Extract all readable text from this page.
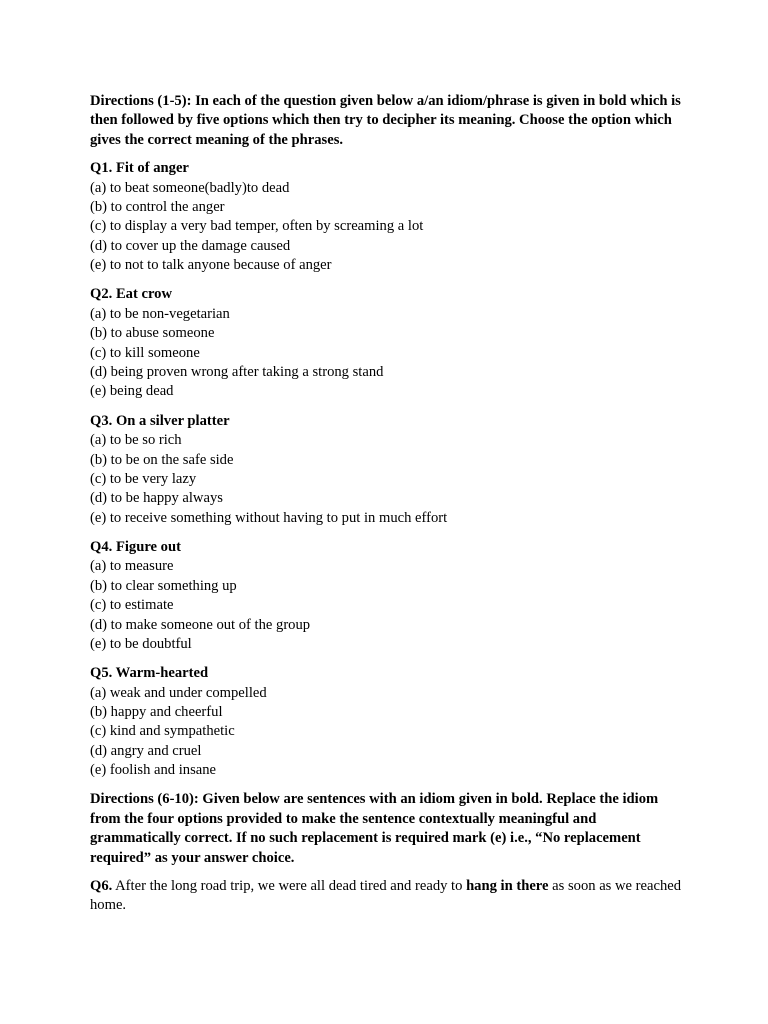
Directions (1-5): In each of the question given below a/an idiom/phrase is given in bold which is then followed by five options which then try to decipher its meaning. Choose the option which gives the correct meaning of the phrases.

Q1. Fit of anger
(a) to beat someone(badly)to dead
(b) to control the anger
(c) to display a very bad temper, often by screaming a lot
(d) to cover up the damage caused
(e) to not to talk anyone because of anger
Q2. Eat crow
(a) to be non-vegetarian
(b) to abuse someone
(c) to kill someone
(d) being proven wrong after taking a strong stand
(e) being dead
Q3. On a silver platter
(a) to be so rich
(b) to be on the safe side
(c) to be very lazy
(d) to be happy always
(e) to receive something without having to put in much effort
Q4. Figure out
(a) to measure
(b) to clear something up
(c) to estimate
(d) to make someone out of the group
(e) to be doubtful
Q5. Warm-hearted
(a) weak and under compelled
(b) happy and cheerful
(c) kind and sympathetic
(d) angry and cruel
(e) foolish and insane

Directions (6-10): Given below are sentences with an idiom given in bold. Replace the idiom from the four options provided to make the sentence contextually meaningful and grammatically correct. If no such replacement is required mark (e) i.e., “No replacement required” as your answer choice.

Q6. After the long road trip, we were all dead tired and ready to hang in there as soon as we reached home.
